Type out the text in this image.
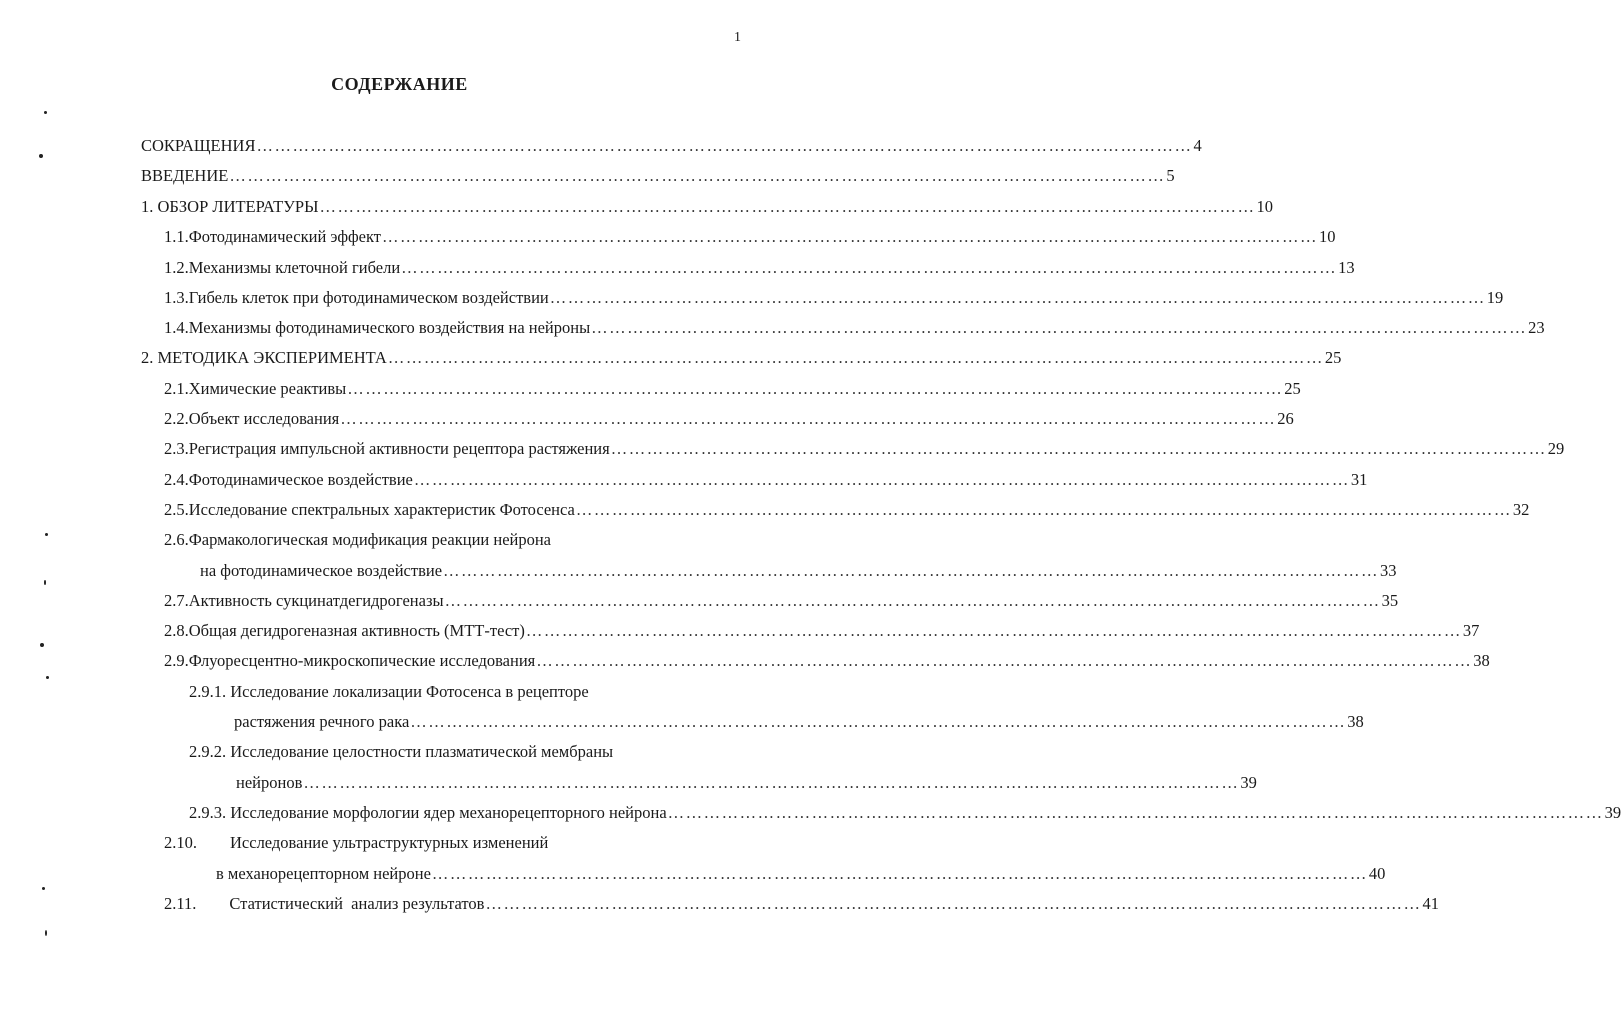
1
СОДЕРЖАНИЕ
СОКРАЩЕНИЯ …………………………………………………………………………………………………………………………………………	4
ВВЕДЕНИЕ …………………………………………………………………………………………………………………………………………	5
1. ОБЗОР ЛИТЕРАТУРЫ …………………………………………………………………………………………………………………………………………	10
1.1.Фотодинамический эффект …………………………………………………………………………………………………………………………………………	10
1.2.Механизмы клеточной гибели …………………………………………………………………………………………………………………………………………	13
1.3.Гибель клеток при фотодинамическом воздействии …………………………………………………………………………………………………………………………………………	19
1.4.Механизмы фотодинамического воздействия на нейроны …………………………………………………………………………………………………………………………………………	23
2. МЕТОДИКА ЭКСПЕРИМЕНТА …………………………………………………………………………………………………………………………………………	25
2.1.Химические реактивы …………………………………………………………………………………………………………………………………………	25
2.2.Объект исследования …………………………………………………………………………………………………………………………………………	26
2.3.Регистрация импульсной активности рецептора растяжения …………………………………………………………………………………………………………………………………………	29
2.4.Фотодинамическое воздействие …………………………………………………………………………………………………………………………………………	31
2.5.Исследование спектральных характеристик Фотосенса …………………………………………………………………………………………………………………………………………	32
2.6.Фармакологическая модификация реакции нейрона
на фотодинамическое воздействие …………………………………………………………………………………………………………………………………………	33
2.7.Активность сукцинатдегидрогеназы …………………………………………………………………………………………………………………………………………	35
2.8.Общая дегидрогеназная активность (МТТ-тест) …………………………………………………………………………………………………………………………………………	37
2.9.Флуоресцентно-микроскопические исследования …………………………………………………………………………………………………………………………………………	38
2.9.1. Исследование локализации Фотосенса в рецепторе
растяжения речного рака …………………………………………………………………………………………………………………………………………	38
2.9.2. Исследование целостности плазматической мембраны
нейронов …………………………………………………………………………………………………………………………………………	39
2.9.3. Исследование морфологии ядер механорецепторного нейрона …………………………………………………………………………………………………………………………………………	39
2.10.        Исследование ультраструктурных изменений
в механорецепторном нейроне …………………………………………………………………………………………………………………………………………	40
2.11.        Статистический  анализ результатов …………………………………………………………………………………………………………………………………………	41
